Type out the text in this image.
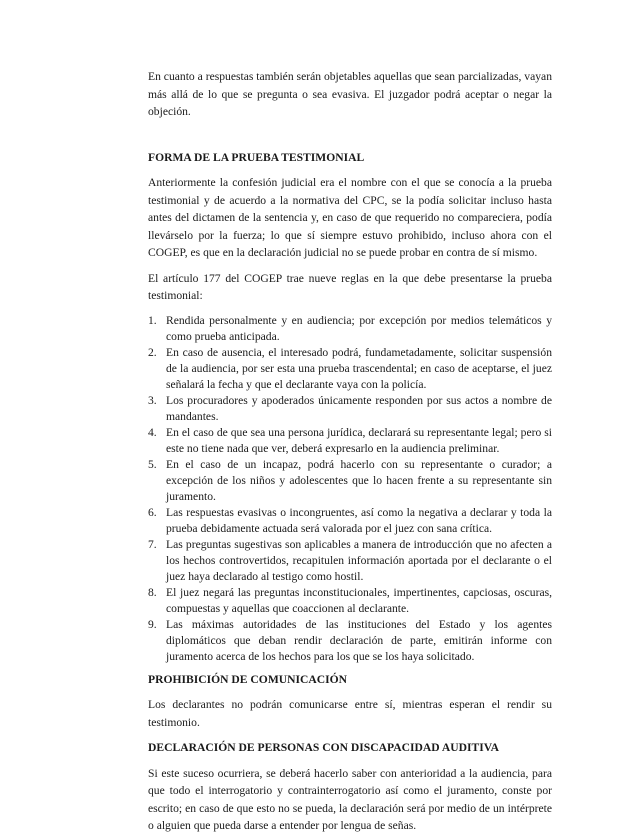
En cuanto a respuestas también serán objetables aquellas que sean parcializadas, vayan más allá de lo que se pregunta o sea evasiva. El juzgador podrá aceptar o negar la objeción.

FORMA DE LA PRUEBA TESTIMONIAL

Anteriormente la confesión judicial era el nombre con el que se conocía a la prueba testimonial y de acuerdo a la normativa del CPC, se la podía solicitar incluso hasta antes del dictamen de la sentencia y, en caso de que requerido no compareciera, podía llevárselo por la fuerza; lo que sí siempre estuvo prohibido, incluso ahora con el COGEP, es que en la declaración judicial no se puede probar en contra de sí mismo.

El artículo 177 del COGEP trae nueve reglas en la que debe presentarse la prueba testimonial:

1. Rendida personalmente y en audiencia; por excepción por medios telemáticos y como prueba anticipada.
2. En caso de ausencia, el interesado podrá, fundametadamente, solicitar suspensión de la audiencia, por ser esta una prueba trascendental; en caso de aceptarse, el juez señalará la fecha y que el declarante vaya con la policía.
3. Los procuradores y apoderados únicamente responden por sus actos a nombre de mandantes.
4. En el caso de que sea una persona jurídica, declarará su representante legal; pero si este no tiene nada que ver, deberá expresarlo en la audiencia preliminar.
5. En el caso de un incapaz, podrá hacerlo con su representante o curador; a excepción de los niños y adolescentes que lo hacen frente a su representante sin juramento.
6. Las respuestas evasivas o incongruentes, así como la negativa a declarar y toda la prueba debidamente actuada será valorada por el juez con sana crítica.
7. Las preguntas sugestivas son aplicables a manera de introducción que no afecten a los hechos controvertidos, recapitulen información aportada por el declarante o el juez haya declarado al testigo como hostil.
8. El juez negará las preguntas inconstitucionales, impertinentes, capciosas, oscuras, compuestas y aquellas que coaccionen al declarante.
9. Las máximas autoridades de las instituciones del Estado y los agentes diplomáticos que deban rendir declaración de parte, emitirán informe con juramento acerca de los hechos para los que se los haya solicitado.
PROHIBICIÓN DE COMUNICACIÓN

Los declarantes no podrán comunicarse entre sí, mientras esperan el rendir su testimonio.

DECLARACIÓN DE PERSONAS CON DISCAPACIDAD AUDITIVA

Si este suceso ocurriera, se deberá hacerlo saber con anterioridad a la audiencia, para que todo el interrogatorio y contrainterrogatorio así como el juramento, conste por escrito; en caso de que esto no se pueda, la declaración será por medio de un intérprete o alguien que pueda darse a entender por lengua de señas.
